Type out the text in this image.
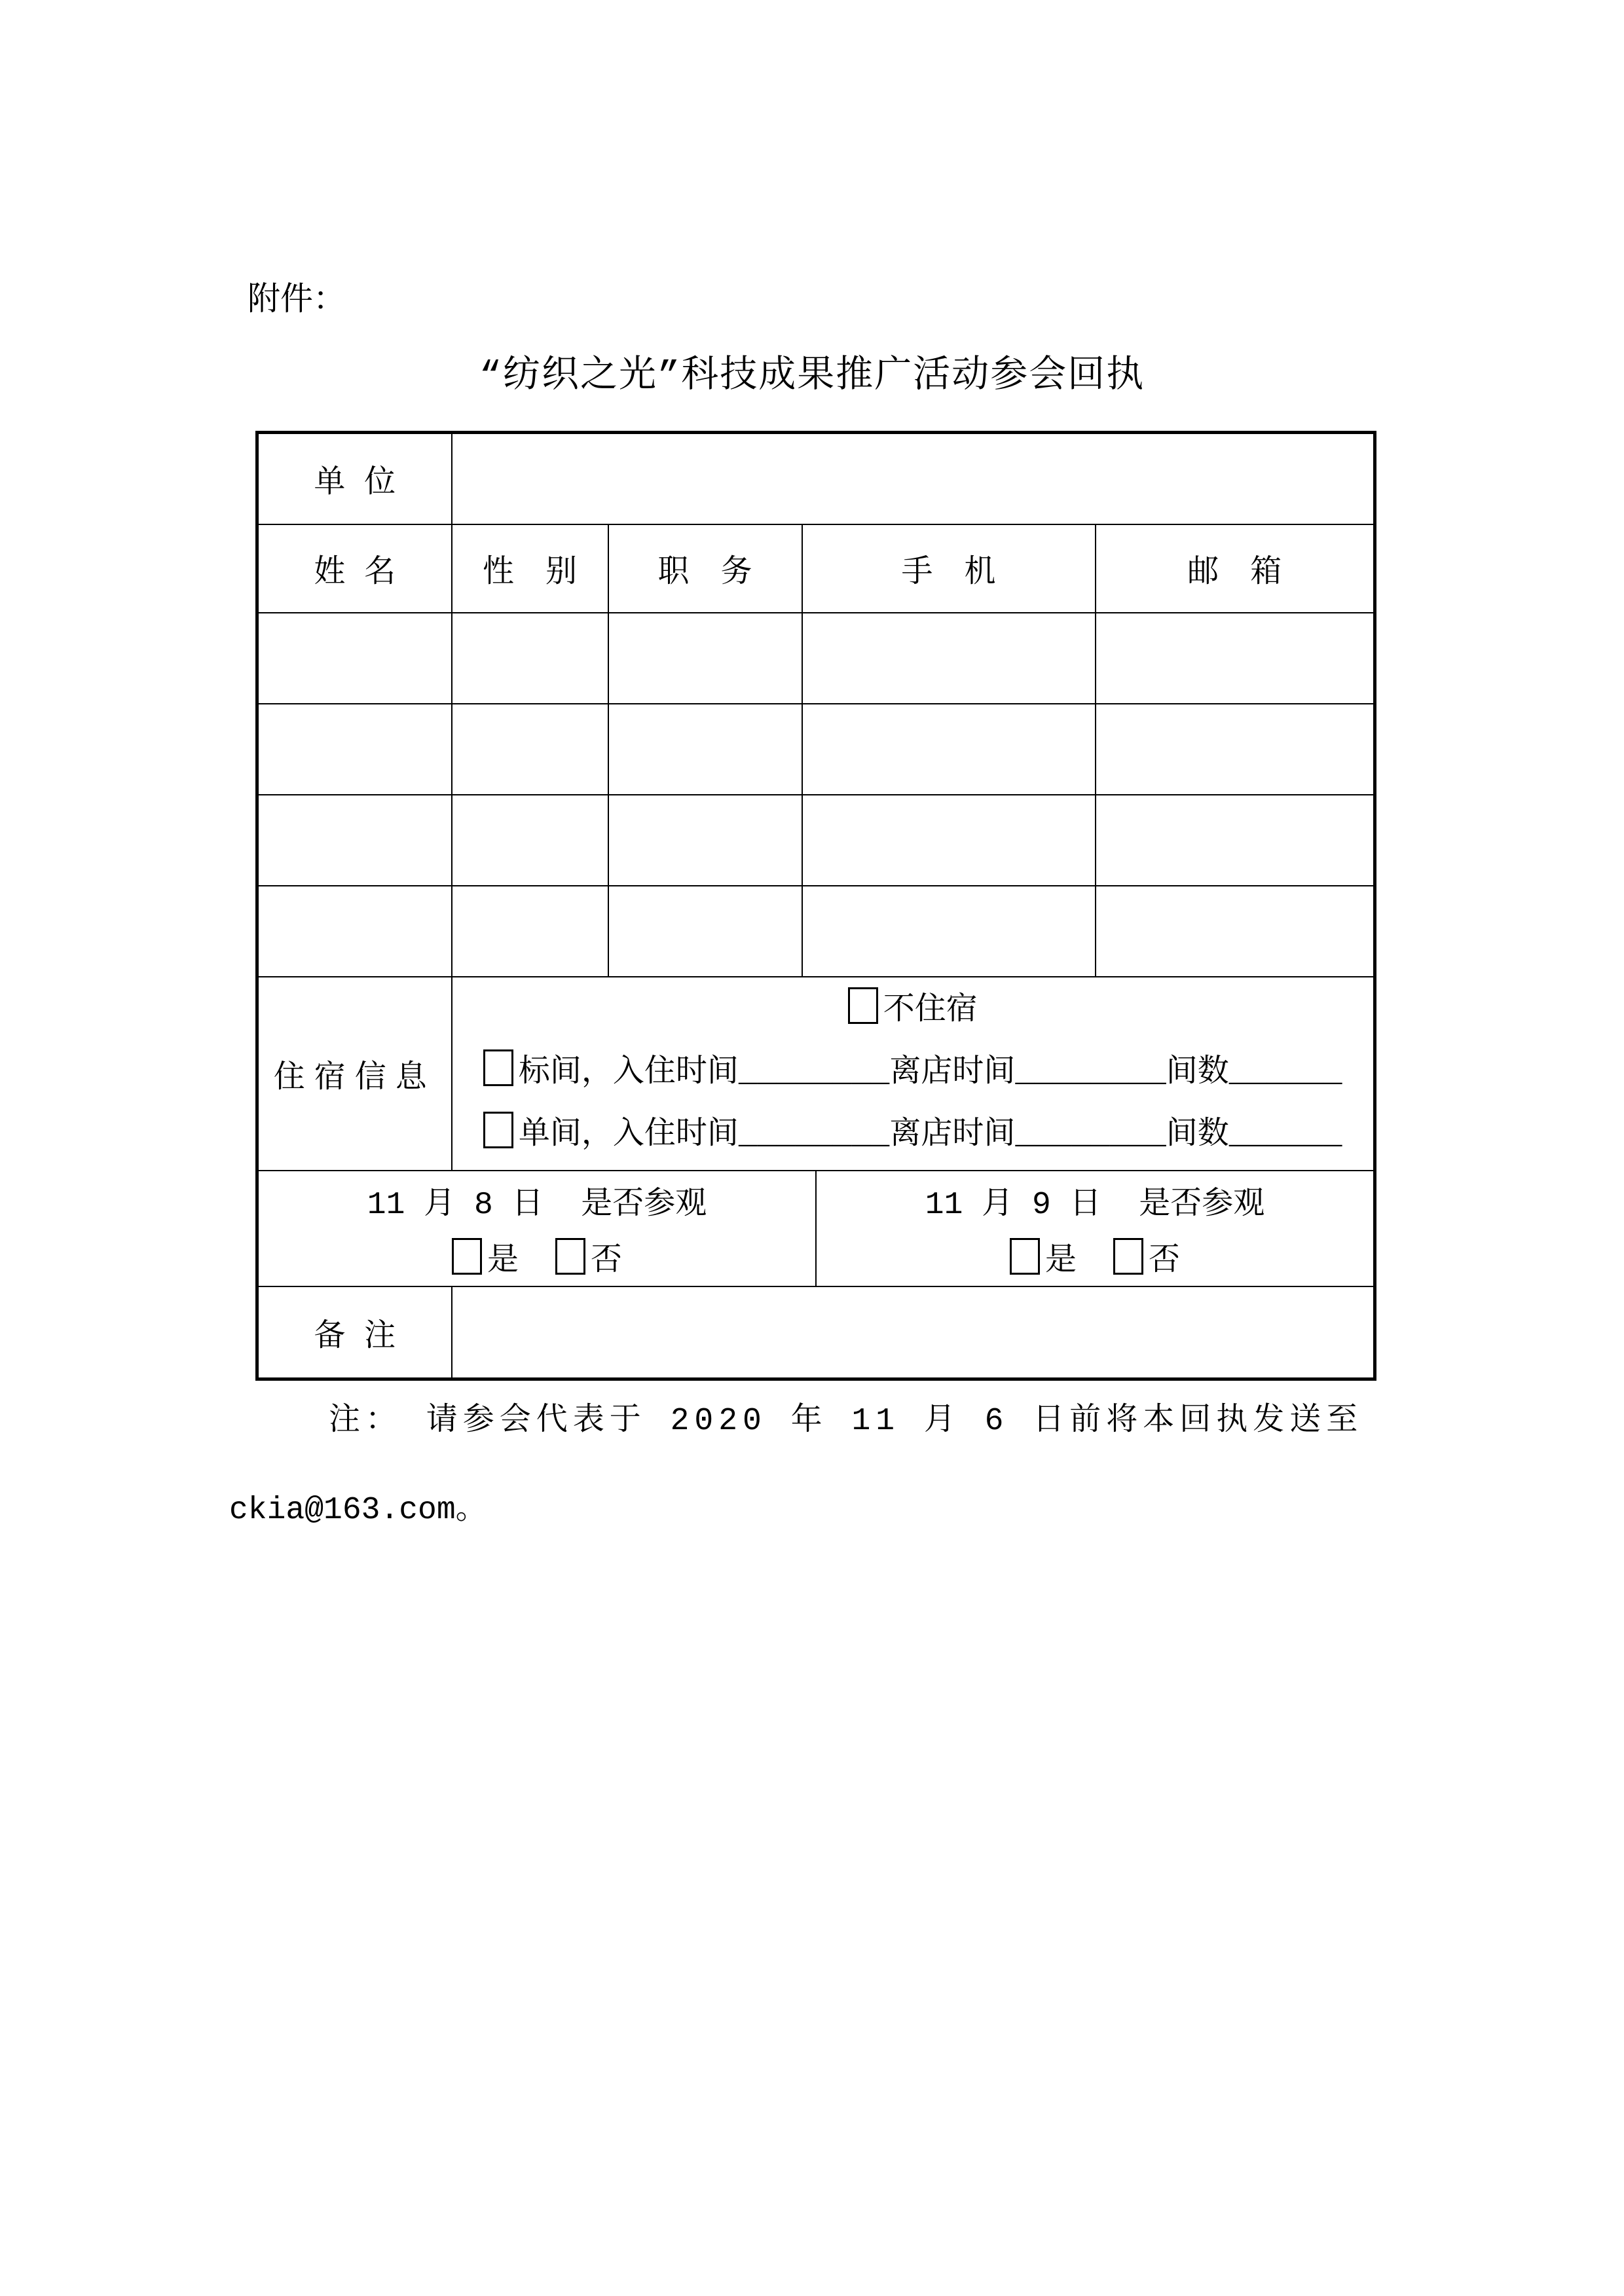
附件：
“纺织之光”科技成果推广活动参会回执
单 位				
姓 名	性　别	职　务	手　机	邮　箱

住宿信息	不住宿
标间，入住时间________离店时间________间数______
单间，入住时间________离店时间________间数______			

11 月 8 日  是否参观
是 否
11 月 9 日  是否参观
是 否				

备 注				
注： 请参会代表于 2020 年 11 月 6 日前将本回执发送至
ckia@163.com。
